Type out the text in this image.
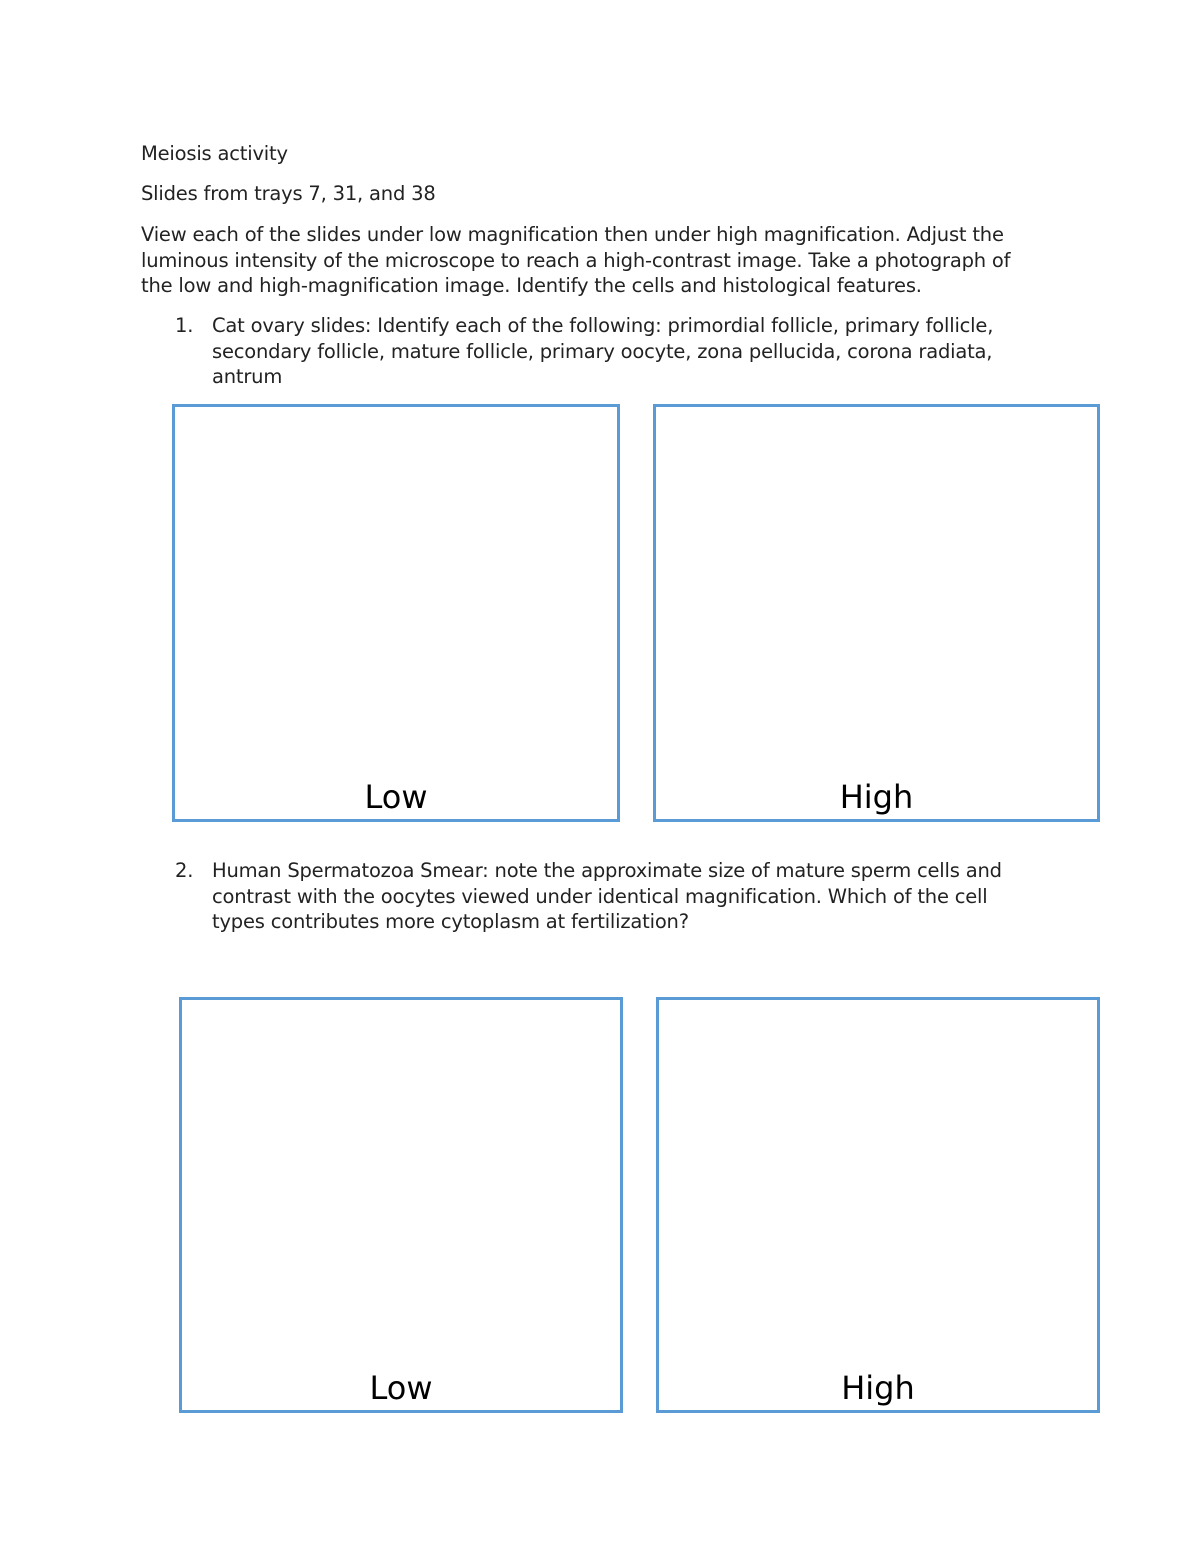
Meiosis activity
Slides from trays 7, 31, and 38
View each of the slides under low magnification then under high magnification. Adjust the luminous intensity of the microscope to reach a high-contrast image. Take a photograph of the low and high-magnification image. Identify the cells and histological features.
1. Cat ovary slides: Identify each of the following: primordial follicle, primary follicle, secondary follicle, mature follicle, primary oocyte, zona pellucida, corona radiata, antrum
Low	High
2. Human Spermatozoa Smear: note the approximate size of mature sperm cells and contrast with the oocytes viewed under identical magnification. Which of the cell types contributes more cytoplasm at fertilization?
Low	High
